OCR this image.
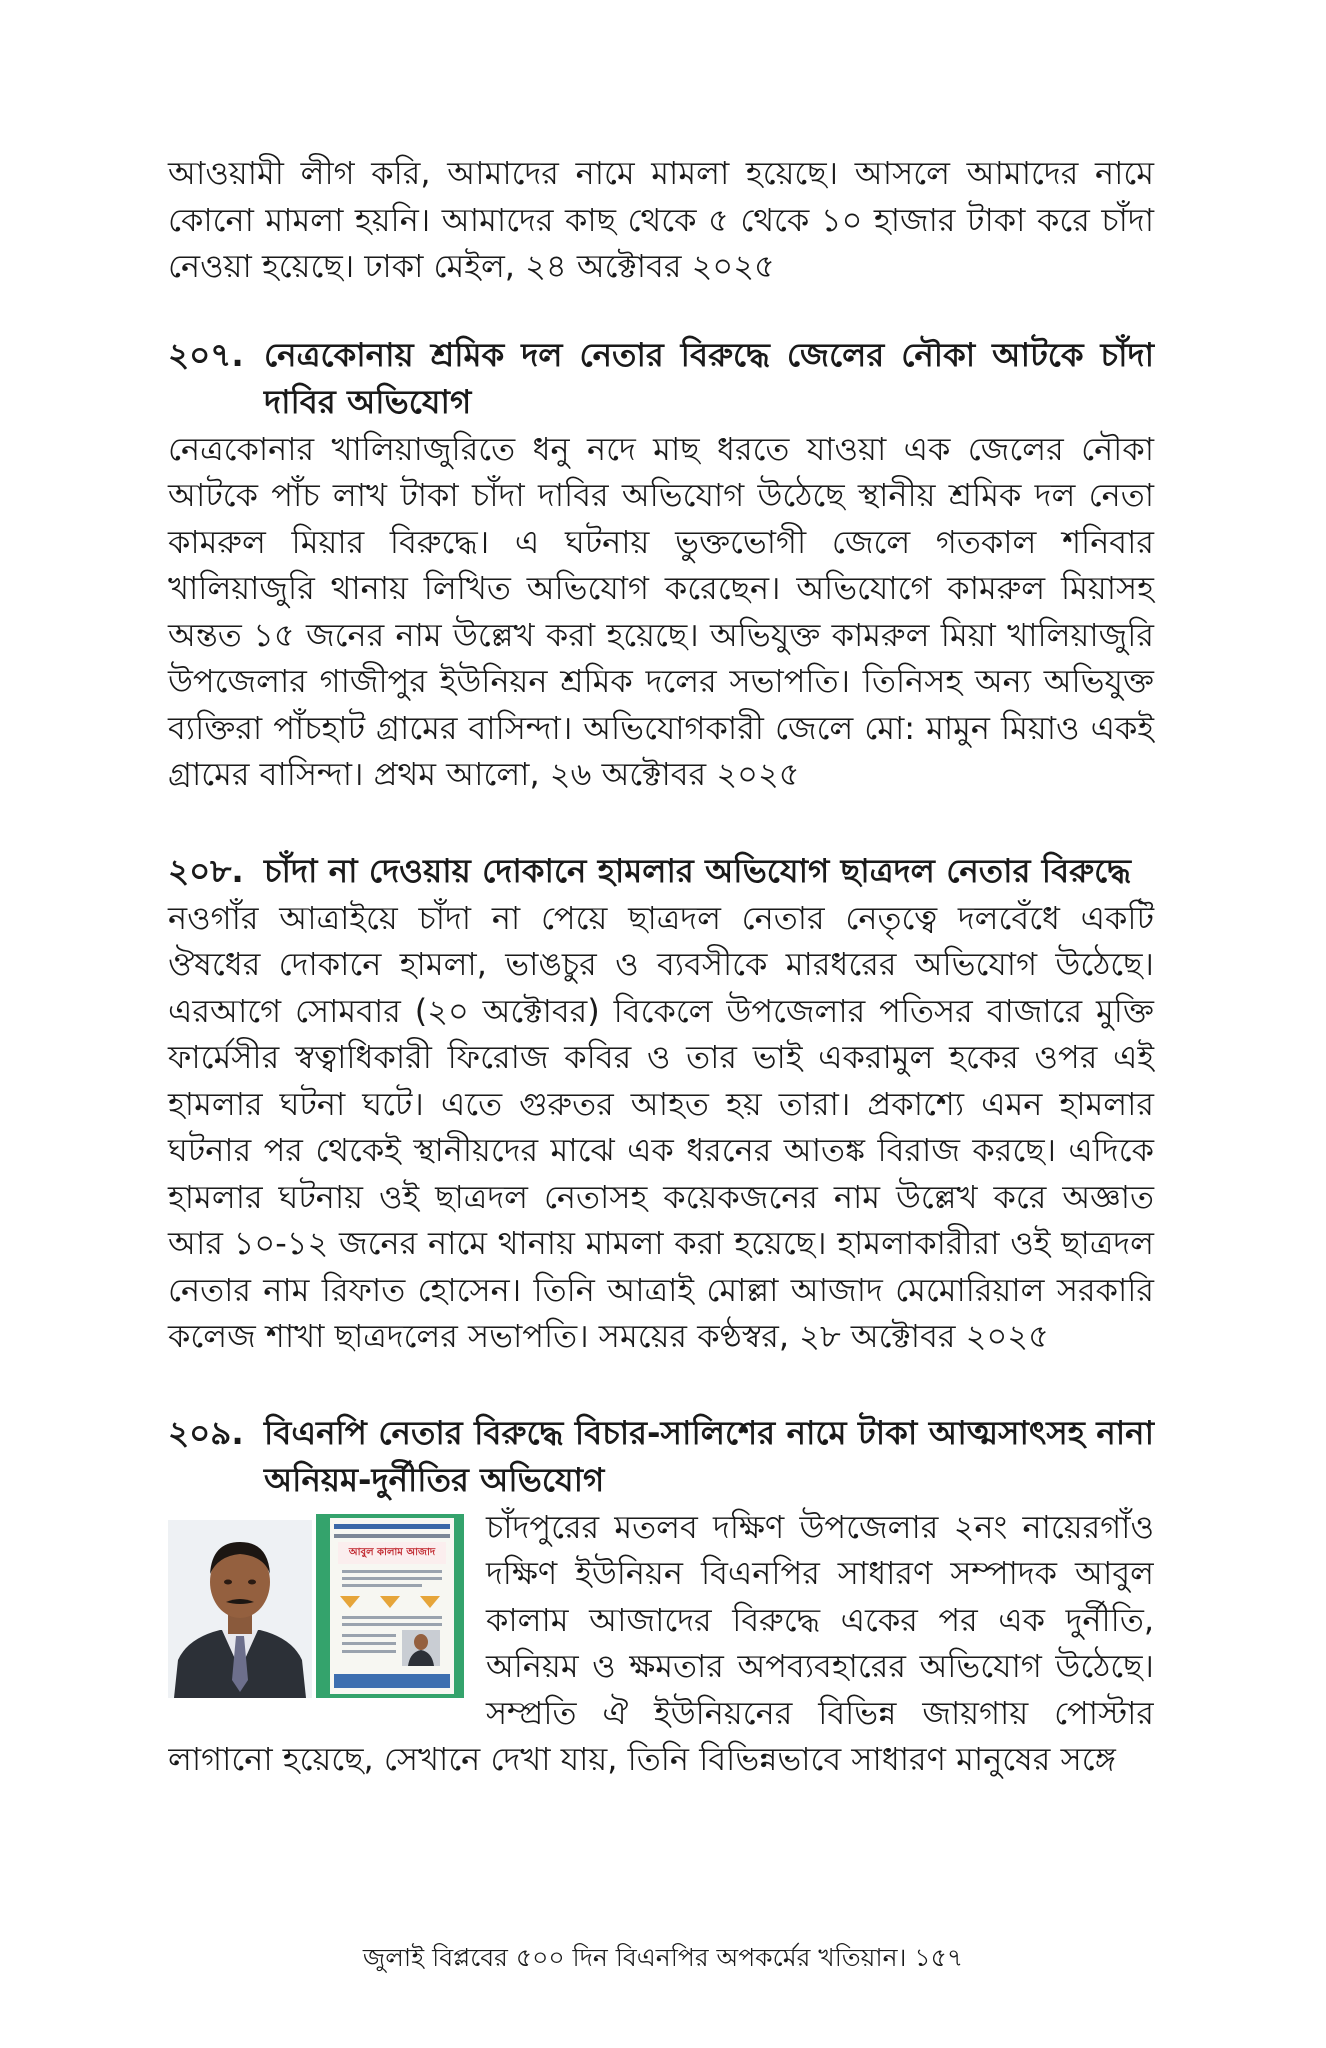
আওয়ামী লীগ করি, আমাদের নামে মামলা হয়েছে। আসলে আমাদের নামে কোনো মামলা হয়নি। আমাদের কাছ থেকে ৫ থেকে ১০ হাজার টাকা করে চাঁদা নেওয়া হয়েছে। ঢাকা মেইল, ২৪ অক্টোবর ২০২৫

২০৭. নেত্রকোনায় শ্রমিক দল নেতার বিরুদ্ধে জেলের নৌকা আটকে চাঁদা দাবির অভিযোগ

নেত্রকোনার খালিয়াজুরিতে ধনু নদে মাছ ধরতে যাওয়া এক জেলের নৌকা আটকে পাঁচ লাখ টাকা চাঁদা দাবির অভিযোগ উঠেছে স্থানীয় শ্রমিক দল নেতা কামরুল মিয়ার বিরুদ্ধে। এ ঘটনায় ভুক্তভোগী জেলে গতকাল শনিবার খালিয়াজুরি থানায় লিখিত অভিযোগ করেছেন। অভিযোগে কামরুল মিয়াসহ অন্তত ১৫ জনের নাম উল্লেখ করা হয়েছে। অভিযুক্ত কামরুল মিয়া খালিয়াজুরি উপজেলার গাজীপুর ইউনিয়ন শ্রমিক দলের সভাপতি। তিনিসহ অন্য অভিযুক্ত ব্যক্তিরা পাঁচহাট গ্রামের বাসিন্দা। অভিযোগকারী জেলে মো: মামুন মিয়াও একই গ্রামের বাসিন্দা। প্রথম আলো, ২৬ অক্টোবর ২০২৫

২০৮. চাঁদা না দেওয়ায় দোকানে হামলার অভিযোগ ছাত্রদল নেতার বিরুদ্ধে

নওগাঁর আত্রাইয়ে চাঁদা না পেয়ে ছাত্রদল নেতার নেতৃত্বে দলবেঁধে একটি ঔষধের দোকানে হামলা, ভাঙচুর ও ব্যবসীকে মারধরের অভিযোগ উঠেছে। এরআগে সোমবার (২০ অক্টোবর) বিকেলে উপজেলার পতিসর বাজারে মুক্তি ফার্মেসীর স্বত্বাধিকারী ফিরোজ কবির ও তার ভাই একরামুল হকের ওপর এই হামলার ঘটনা ঘটে। এতে গুরুতর আহত হয় তারা। প্রকাশ্যে এমন হামলার ঘটনার পর থেকেই স্থানীয়দের মাঝে এক ধরনের আতঙ্ক বিরাজ করছে। এদিকে হামলার ঘটনায় ওই ছাত্রদল নেতাসহ কয়েকজনের নাম উল্লেখ করে অজ্ঞাত আর ১০-১২ জনের নামে থানায় মামলা করা হয়েছে। হামলাকারীরা ওই ছাত্রদল নেতার নাম রিফাত হোসেন। তিনি আত্রাই মোল্লা আজাদ মেমোরিয়াল সরকারি কলেজ শাখা ছাত্রদলের সভাপতি। সময়ের কণ্ঠস্বর, ২৮ অক্টোবর ২০২৫

২০৯. বিএনপি নেতার বিরুদ্ধে বিচার-সালিশের নামে টাকা আত্মসাৎসহ নানা অনিয়ম-দুর্নীতির অভিযোগ
আবুল কালাম আজাদ

চাঁদপুরের মতলব দক্ষিণ উপজেলার ২নং নায়েরগাঁও দক্ষিণ ইউনিয়ন বিএনপির সাধারণ সম্পাদক আবুল কালাম আজাদের বিরুদ্ধে একের পর এক দুর্নীতি, অনিয়ম ও ক্ষমতার অপব্যবহারের অভিযোগ উঠেছে। সম্প্রতি ঐ ইউনিয়নের বিভিন্ন জায়গায় পোস্টার লাগানো হয়েছে, সেখানে দেখা যায়, তিনি বিভিন্নভাবে সাধারণ মানুষের সঙ্গে

জুলাই বিপ্লবের ৫০০ দিন বিএনপির অপকর্মের খতিয়ান। ১৫৭
